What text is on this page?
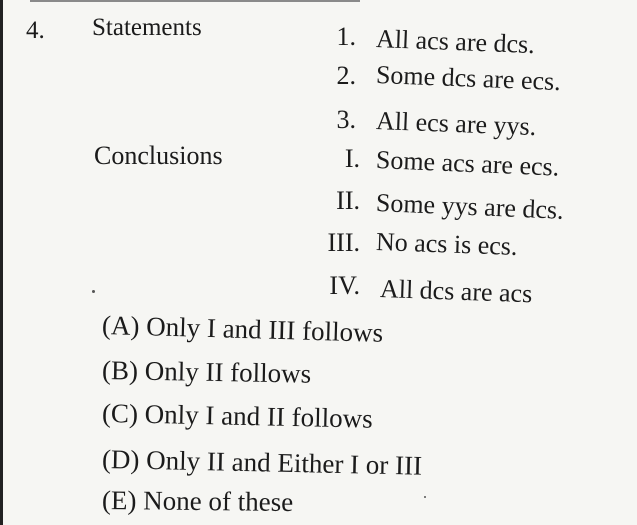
4. Statements	1. All acs are dcs.
2. Some dcs are ecs.
3. All ecs are yys.
Conclusions	I. Some acs are ecs.
II. Some yys are dcs.
III. No acs is ecs.
IV. All dcs are acs
(A) Only I and III follows
(B) Only II follows
(C) Only I and II follows
(D) Only II and Either I or III
(E) None of these
